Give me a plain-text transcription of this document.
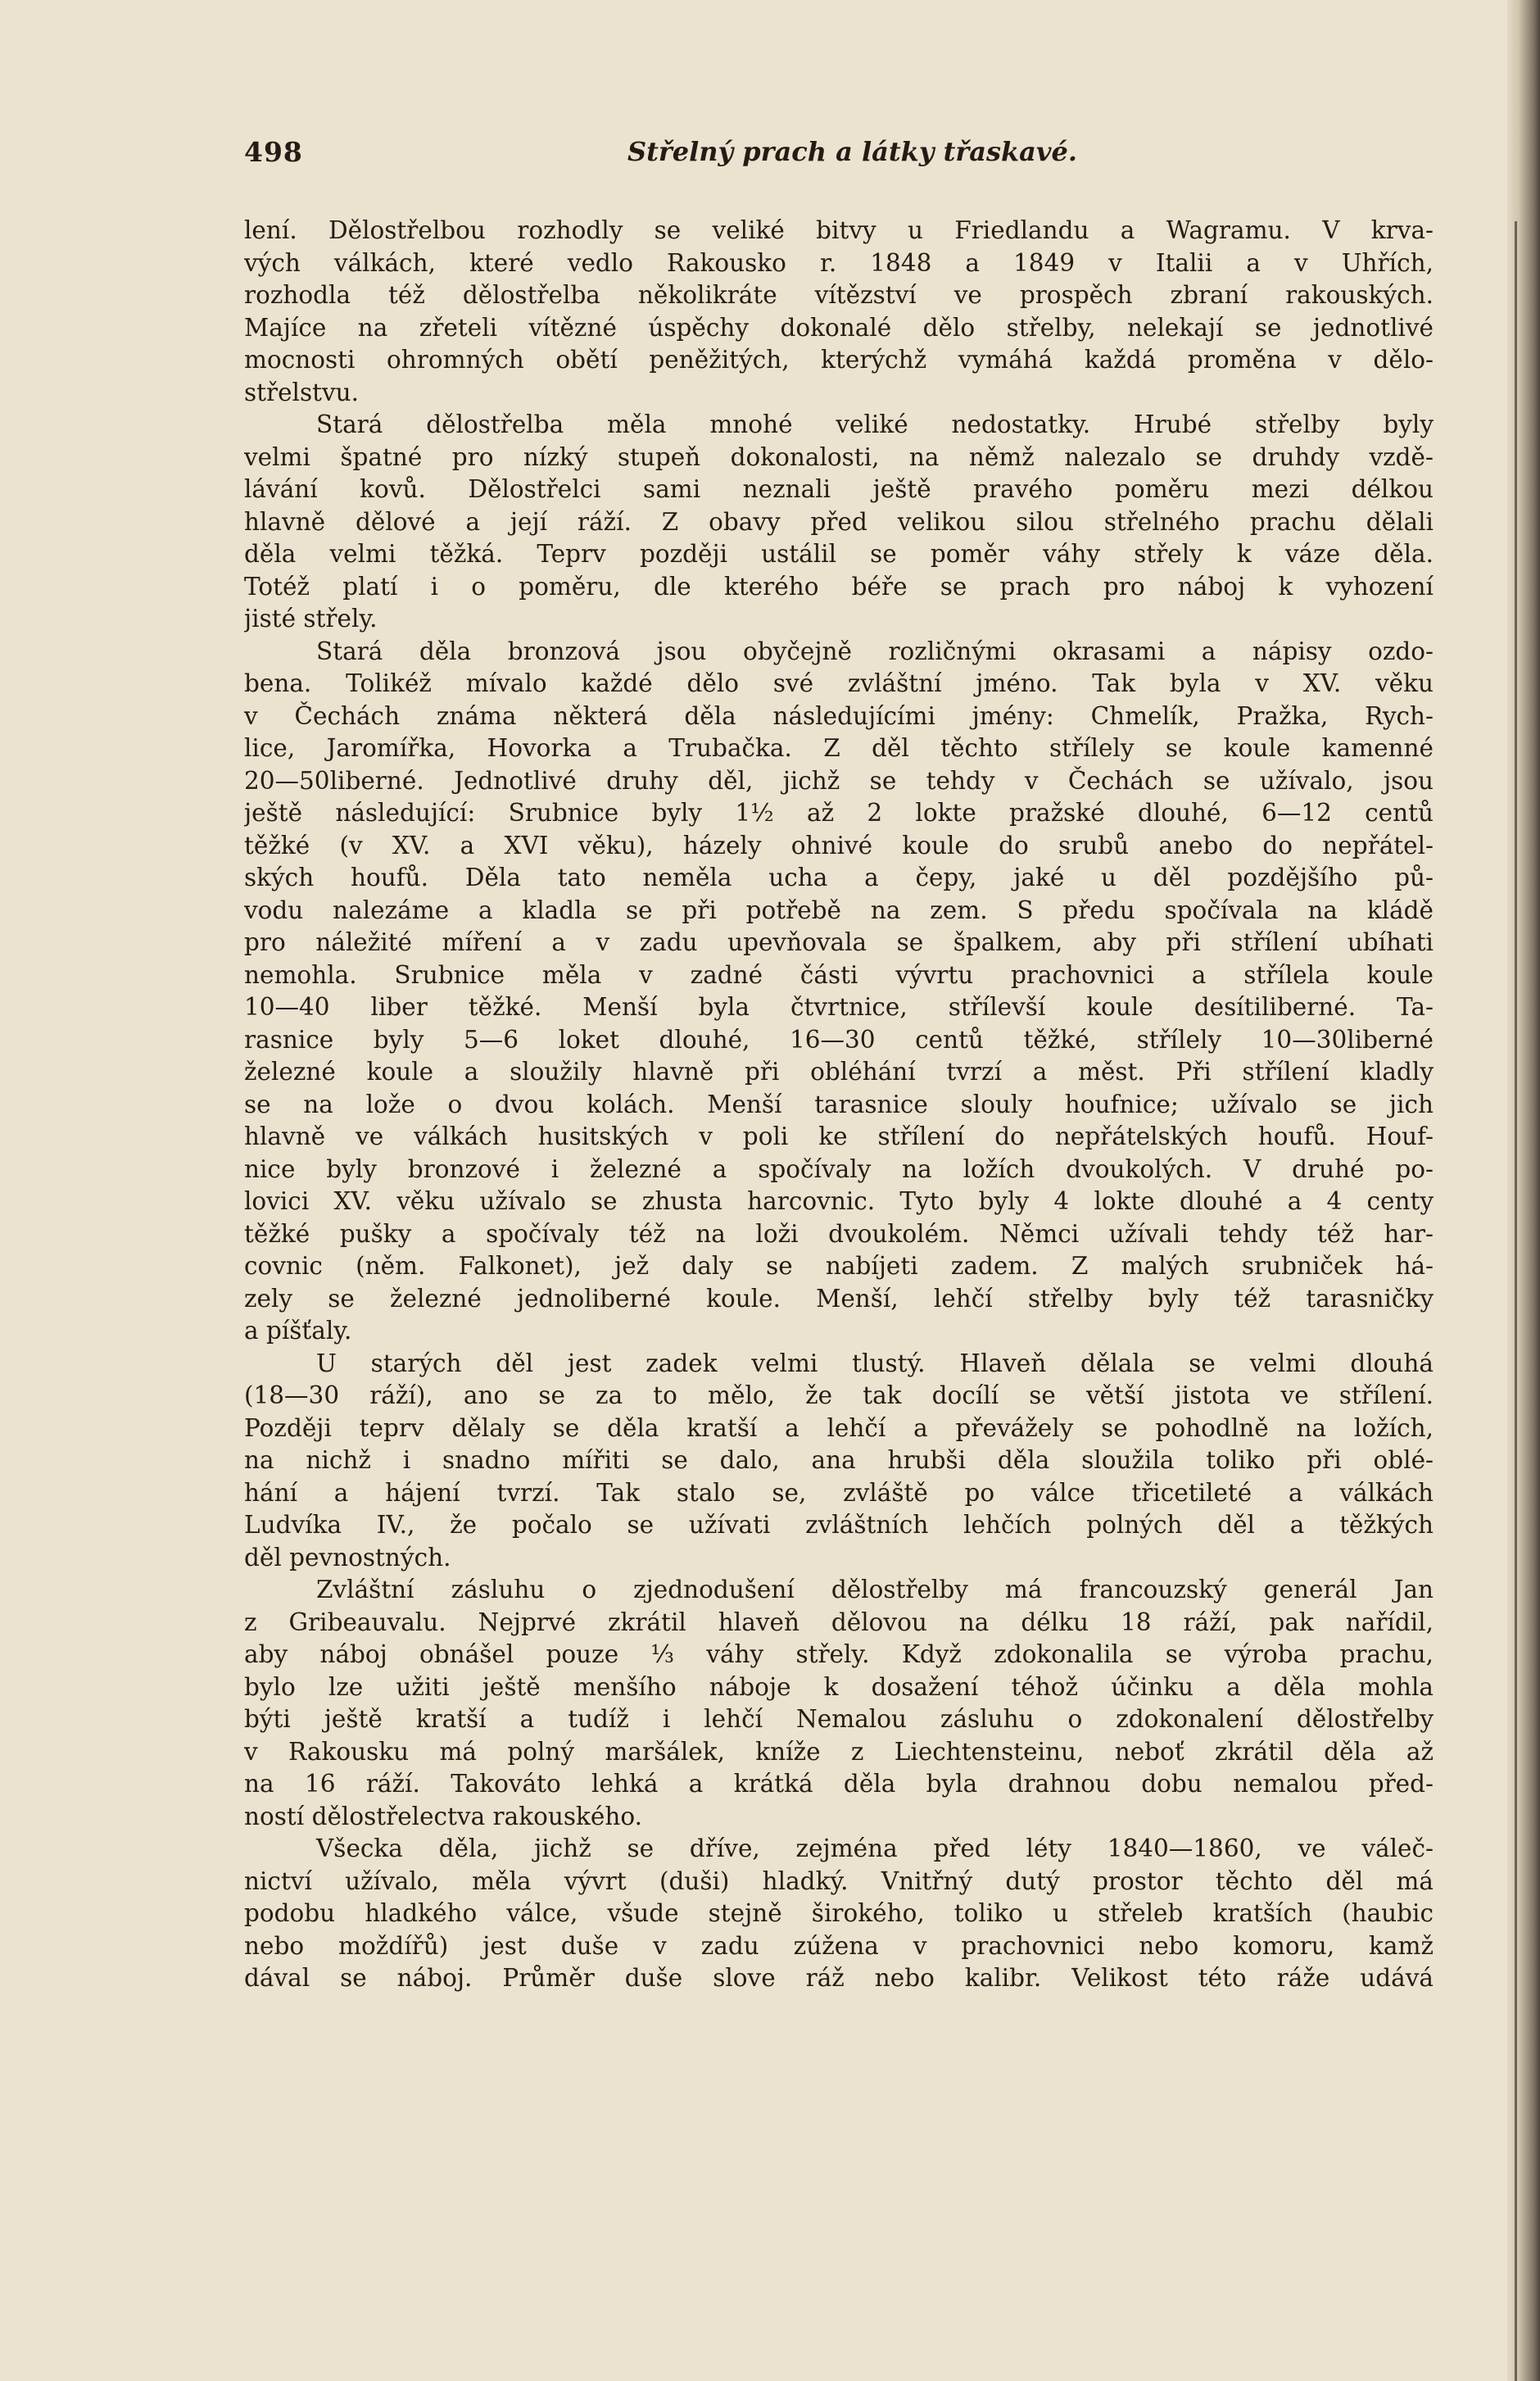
498	Střelný prach a látky třaskavé.
lení. Dělostřelbou rozhodly se veliké bitvy u Friedlandu a Wagramu. V krva-
vých válkách, které vedlo Rakousko r. 1848 a 1849 v Italii a v Uhřích,
rozhodla též dělostřelba několikráte vítězství ve prospěch zbraní rakouských.
Majíce na zřeteli vítězné úspěchy dokonalé dělo střelby, nelekají se jednotlivé
mocnosti ohromných obětí peněžitých, kterýchž vymáhá každá proměna v dělo-
střelstvu.
Stará dělostřelba měla mnohé veliké nedostatky. Hrubé střelby byly
velmi špatné pro nízký stupeň dokonalosti, na němž nalezalo se druhdy vzdě-
lávání kovů. Dělostřelci sami neznali ještě pravého poměru mezi délkou
hlavně dělové a její ráží. Z obavy před velikou silou střelného prachu dělali
děla velmi těžká. Teprv později ustálil se poměr váhy střely k váze děla.
Totéž platí i o poměru, dle kterého béře se prach pro náboj k vyhození
jisté střely.
Stará děla bronzová jsou obyčejně rozličnými okrasami a nápisy ozdo-
bena. Tolikéž mívalo každé dělo své zvláštní jméno. Tak byla v XV. věku
v Čechách známa některá děla následujícími jmény: Chmelík, Pražka, Rych-
lice, Jaromířka, Hovorka a Trubačka. Z děl těchto střílely se koule kamenné
20—50liberné. Jednotlivé druhy děl, jichž se tehdy v Čechách se užívalo, jsou
ještě následující: Srubnice byly 1½ až 2 lokte pražské dlouhé, 6—12 centů
těžké (v XV. a XVI věku), házely ohnivé koule do srubů anebo do nepřátel-
ských houfů. Děla tato neměla ucha a čepy, jaké u děl pozdějšího pů-
vodu nalezáme a kladla se při potřebě na zem. S předu spočívala na kládě
pro náležité míření a v zadu upevňovala se špalkem, aby při střílení ubíhati
nemohla. Srubnice měla v zadné části vývrtu prachovnici a střílela koule
10—40 liber těžké. Menší byla čtvrtnice, střílevší koule desítiliberné. Ta-
rasnice byly 5—6 loket dlouhé, 16—30 centů těžké, střílely 10—30liberné
železné koule a sloužily hlavně při obléhání tvrzí a měst. Při střílení kladly
se na lože o dvou kolách. Menší tarasnice slouly houfnice; užívalo se jich
hlavně ve válkách husitských v poli ke střílení do nepřátelských houfů. Houf-
nice byly bronzové i železné a spočívaly na ložích dvoukolých. V druhé po-
lovici XV. věku užívalo se zhusta harcovnic. Tyto byly 4 lokte dlouhé a 4 centy
těžké pušky a spočívaly též na loži dvoukolém. Němci užívali tehdy též har-
covnic (něm. Falkonet), jež daly se nabíjeti zadem. Z malých srubniček há-
zely se železné jednoliberné koule. Menší, lehčí střelby byly též tarasničky
a píšťaly.
U starých děl jest zadek velmi tlustý. Hlaveň dělala se velmi dlouhá
(18—30 ráží), ano se za to mělo, že tak docílí se větší jistota ve střílení.
Později teprv dělaly se děla kratší a lehčí a převážely se pohodlně na ložích,
na nichž i snadno mířiti se dalo, ana hrubši děla sloužila toliko při oblé-
hání a hájení tvrzí. Tak stalo se, zvláště po válce třicetileté a válkách
Ludvíka IV., že počalo se užívati zvláštních lehčích polných děl a těžkých
děl pevnostných.
Zvláštní zásluhu o zjednodušení dělostřelby má francouzský generál Jan
z Gribeauvalu. Nejprvé zkrátil hlaveň dělovou na délku 18 ráží, pak nařídil,
aby náboj obnášel pouze ⅓ váhy střely. Když zdokonalila se výroba prachu,
bylo lze užiti ještě menšího náboje k dosažení téhož účinku a děla mohla
býti ještě kratší a tudíž i lehčí Nemalou zásluhu o zdokonalení dělostřelby
v Rakousku má polný maršálek, kníže z Liechtensteinu, neboť zkrátil děla až
na 16 ráží. Takováto lehká a krátká děla byla drahnou dobu nemalou před-
ností dělostřelectva rakouského.
Všecka děla, jichž se dříve, zejména před léty 1840—1860, ve váleč-
nictví užívalo, měla vývrt (duši) hladký. Vnitřný dutý prostor těchto děl má
podobu hladkého válce, všude stejně širokého, toliko u střeleb kratších (haubic
nebo moždířů) jest duše v zadu zúžena v prachovnici nebo komoru, kamž
dával se náboj. Průměr duše slove ráž nebo kalibr. Velikost této ráže udává
